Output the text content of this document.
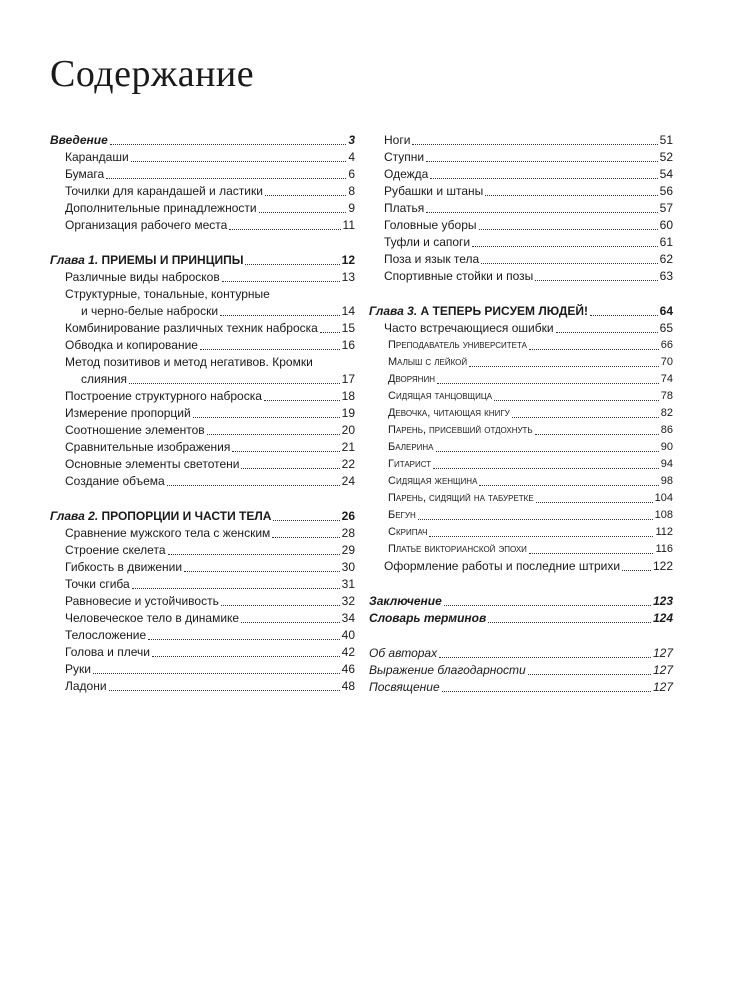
Содержание
Введение	3
Карандаши	4
Бумага	6
Точилки для карандашей и ластики	8
Дополнительные принадлежности	9
Организация рабочего места	11
Глава 1. ПРИЕМЫ И ПРИНЦИПЫ	12
Различные виды набросков	13
Структурные, тональные, контурные
и черно-белые наброски	14
Комбинирование различных техник наброска 15
Обводка и копирование	16
Метод позитивов и метод негативов. Кромки
слияния	17
Построение структурного наброска	18
Измерение пропорций	19
Соотношение элементов	20
Сравнительные изображения	21
Основные элементы светотени	22
Создание объема	24
Глава 2. ПРОПОРЦИИ И ЧАСТИ ТЕЛА	26
Сравнение мужского тела с женским	28
Строение скелета	29
Гибкость в движении	30
Точки сгиба	31
Равновесие и устойчивость	32
Человеческое тело в динамике	34
Телосложение	40
Голова и плечи	42
Руки	46
Ладони	48
Ноги	51
Ступни	52
Одежда	54
Рубашки и штаны	56
Платья	57
Головные уборы	60
Туфли и сапоги	61
Поза и язык тела	62
Спортивные стойки и позы	63
Глава 3. А ТЕПЕРЬ РИСУЕМ ЛЮДЕЙ!	64
Часто встречающиеся ошибки	65
Преподаватель университета	66
Малыш с лейкой	70
Дворянин	74
Сидящая танцовщица	78
Девочка, читающая книгу	82
Парень, присевший отдохнуть	86
Балерина	90
Гитарист	94
Сидящая женщина	98
Парень, сидящий на табуретке	104
Бегун	108
Скрипач	112
Платье викторианской эпохи	116
Оформление работы и последние штрихи	122
Заключение	123
Словарь терминов	124
Об авторах	127
Выражение благодарности	127
Посвящение	127
